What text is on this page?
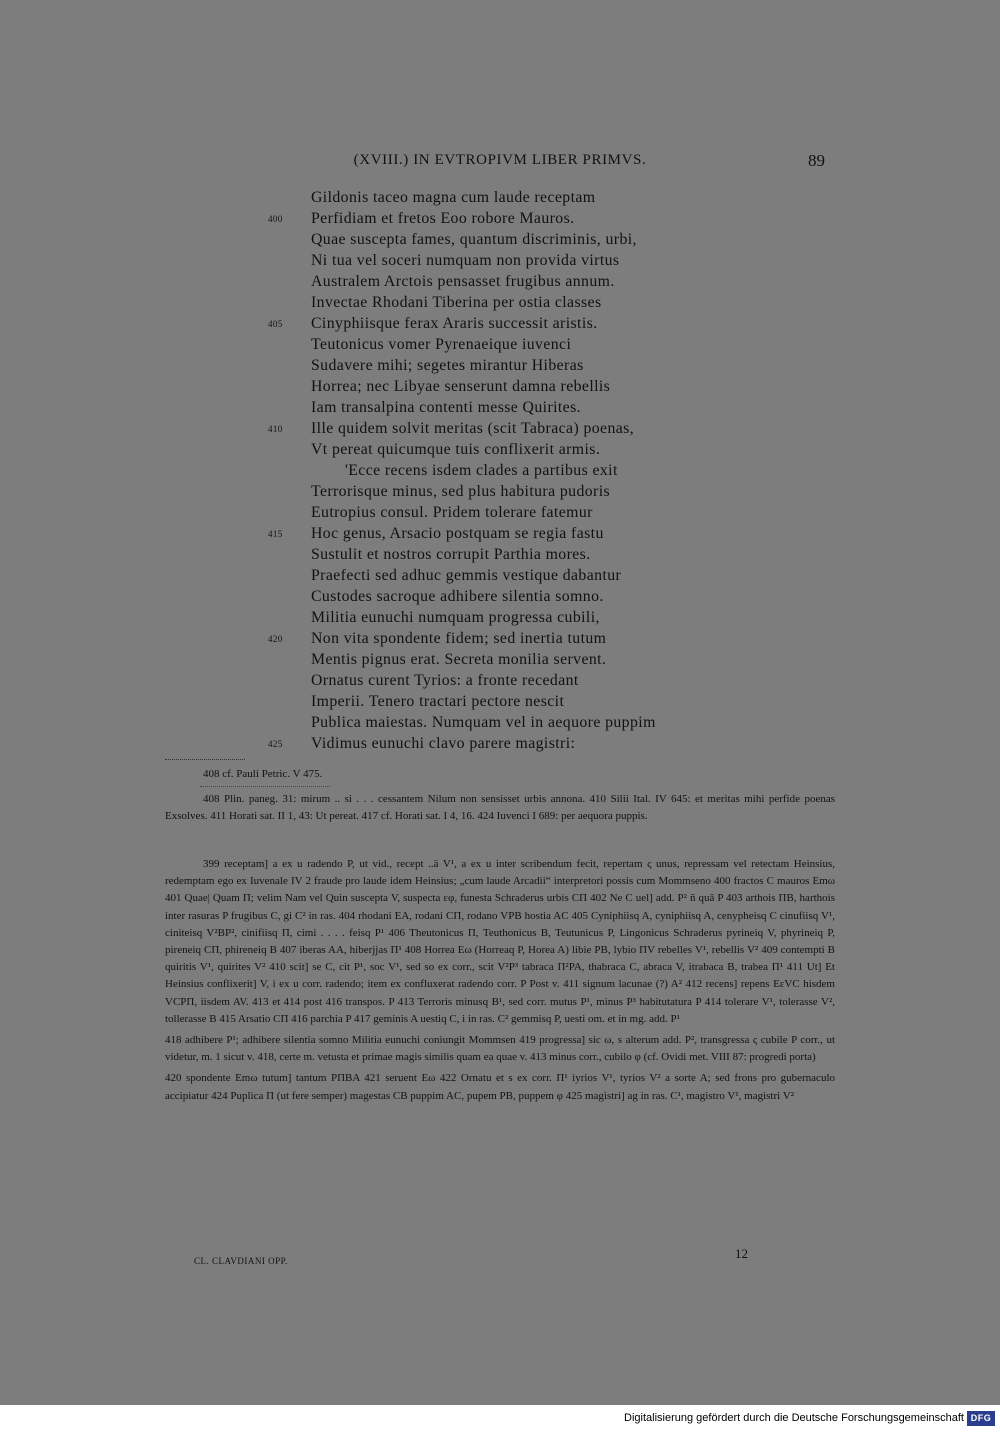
(XVIII.) IN EVTROPIVM LIBER PRIMVS.	89
Gildonis taceo magna cum laude receptam
400	Perfidiam et fretos Eoo robore Mauros.
Quae suscepta fames, quantum discriminis, urbi,
Ni tua vel soceri numquam non provida virtus
Australem Arctois pensasset frugibus annum.
Invectae Rhodani Tiberina per ostia classes
405	Cinyphiisque ferax Araris successit aristis.
Teutonicus vomer Pyrenaeique iuvenci
Sudavere mihi; segetes mirantur Hiberas
Horrea; nec Libyae senserunt damna rebellis
Iam transalpina contenti messe Quirites.
410	Ille quidem solvit meritas (scit Tabraca) poenas,
Vt pereat quicumque tuis conflixerit armis.
'Ecce recens isdem clades a partibus exit
Terrorisque minus, sed plus habitura pudoris
Eutropius consul. Pridem tolerare fatemur
415	Hoc genus, Arsacio postquam se regia fastu
Sustulit et nostros corrupit Parthia mores.
Praefecti sed adhuc gemmis vestique dabantur
Custodes sacroque adhibere silentia somno.
Militia eunuchi numquam progressa cubili,
420	Non vita spondente fidem; sed inertia tutum
Mentis pignus erat. Secreta monilia servent.
Ornatus curent Tyrios: a fronte recedant
Imperii. Tenero tractari pectore nescit
Publica maiestas. Numquam vel in aequore puppim
425	Vidimus eunuchi clavo parere magistri:

408 cf. Pauli Petric. V 475.

408 Plin. paneg. 31: mirum .. si . . . cessantem Nilum non sensisset urbis annona. 410 Silii Ital. IV 645: et meritas mihi perfide poenas Exsolves. 411 Horati sat. II 1, 43: Ut pereat. 417 cf. Horati sat. I 4, 16. 424 Iuvenci I 689: per aequora puppis.

399 receptam] a ex u radendo P, ut vid., recept ..ä V¹, a ex u inter scribendum fecit, repertam ς unus, repressam vel retectam Heinsius, redemptam ego ex Iuvenale IV 2 fraude pro laude idem Heinsius; „cum laude Arcadii“ interpretori possis cum Mommseno 400 fractos C mauros Emω 401 Quae| Quam Π; velim Nam vel Quin suscepta V, suspecta εφ, funesta Schraderus urbis CΠ 402 Ne C uel] add. P² ñ quā P 403 arthois ΠΒ, harthois inter rasuras P frugibus C, gi C² in ras. 404 rhodani EA, rodani CΠ, rodano VPB hostia AC 405 Cyniphiisq A, cyniphiisq A, cenypheisq C cinufiisq V¹, ciniteisq V²BP², cinifiisq Π, cimi . . . . feisq P¹ 406 Theutonicus Π, Teuthonicus B, Teutunicus P, Lingonicus Schraderus pyrineiq V, phyrineiq P, pireneiq CΠ, phireneiq B 407 iberas AA, hiberjjas Π¹ 408 Horrea Eω (Horreaq P, Horea A) libie PB, lybio ΠV rebelles V¹, rebellis V² 409 contempti B quiritis V¹, quirites V² 410 scit] se C, cit P¹, soc V¹, sed so ex corr., scit V²P³ tabraca Π²PA, thabraca C, abraca V, itrabaca B, trabea Π¹ 411 Ut] Et Heinsius conflixerit] V, i ex u corr. radendo; item ex confluxerat radendo corr. P Post v. 411 signum lacunae (?) A² 412 recens] repens EεVC hisdem VCPΠ, iisdem AV. 413 et 414 post 416 transpos. P 413 Terroris minusq B¹, sed corr. mutus P¹, minus P³ habitutatura P 414 tolerare V¹, tolerasse V², tollerasse B 415 Arsatio CΠ 416 parchia P 417 geminis A uestiq C, i in ras. C² gemmisq P, uesti om. et in mg. add. P¹

418 adhibere P¹; adhibere silentia somno Militia eunuchi coniungit Mommsen 419 progressa] sic ω, s alterum add. P², transgressa ς cubile P corr., ut videtur, m. 1 sicut v. 418, certe m. vetusta et primae magis similis quam ea quae v. 413 minus corr., cubilo φ (cf. Ovidi met. VIII 87: progredi porta)

420 spondente Emω tutum] tantum PΠBA 421 seruent Eω 422 Ornatu et s ex corr. Π¹ iyrios V¹, tyrios V² a sorte A; sed frons pro gubernaculo accipiatur 424 Puplica Π (ut fere semper) magestas CB puppim AC, pupem PB, puppem φ 425 magistri] ag in ras. C¹, magistro V¹, magistri V²

CL. CLAVDIANI OPP.	12
Digitalisierung gefördert durch die Deutsche Forschungsgemeinschaft DFG
